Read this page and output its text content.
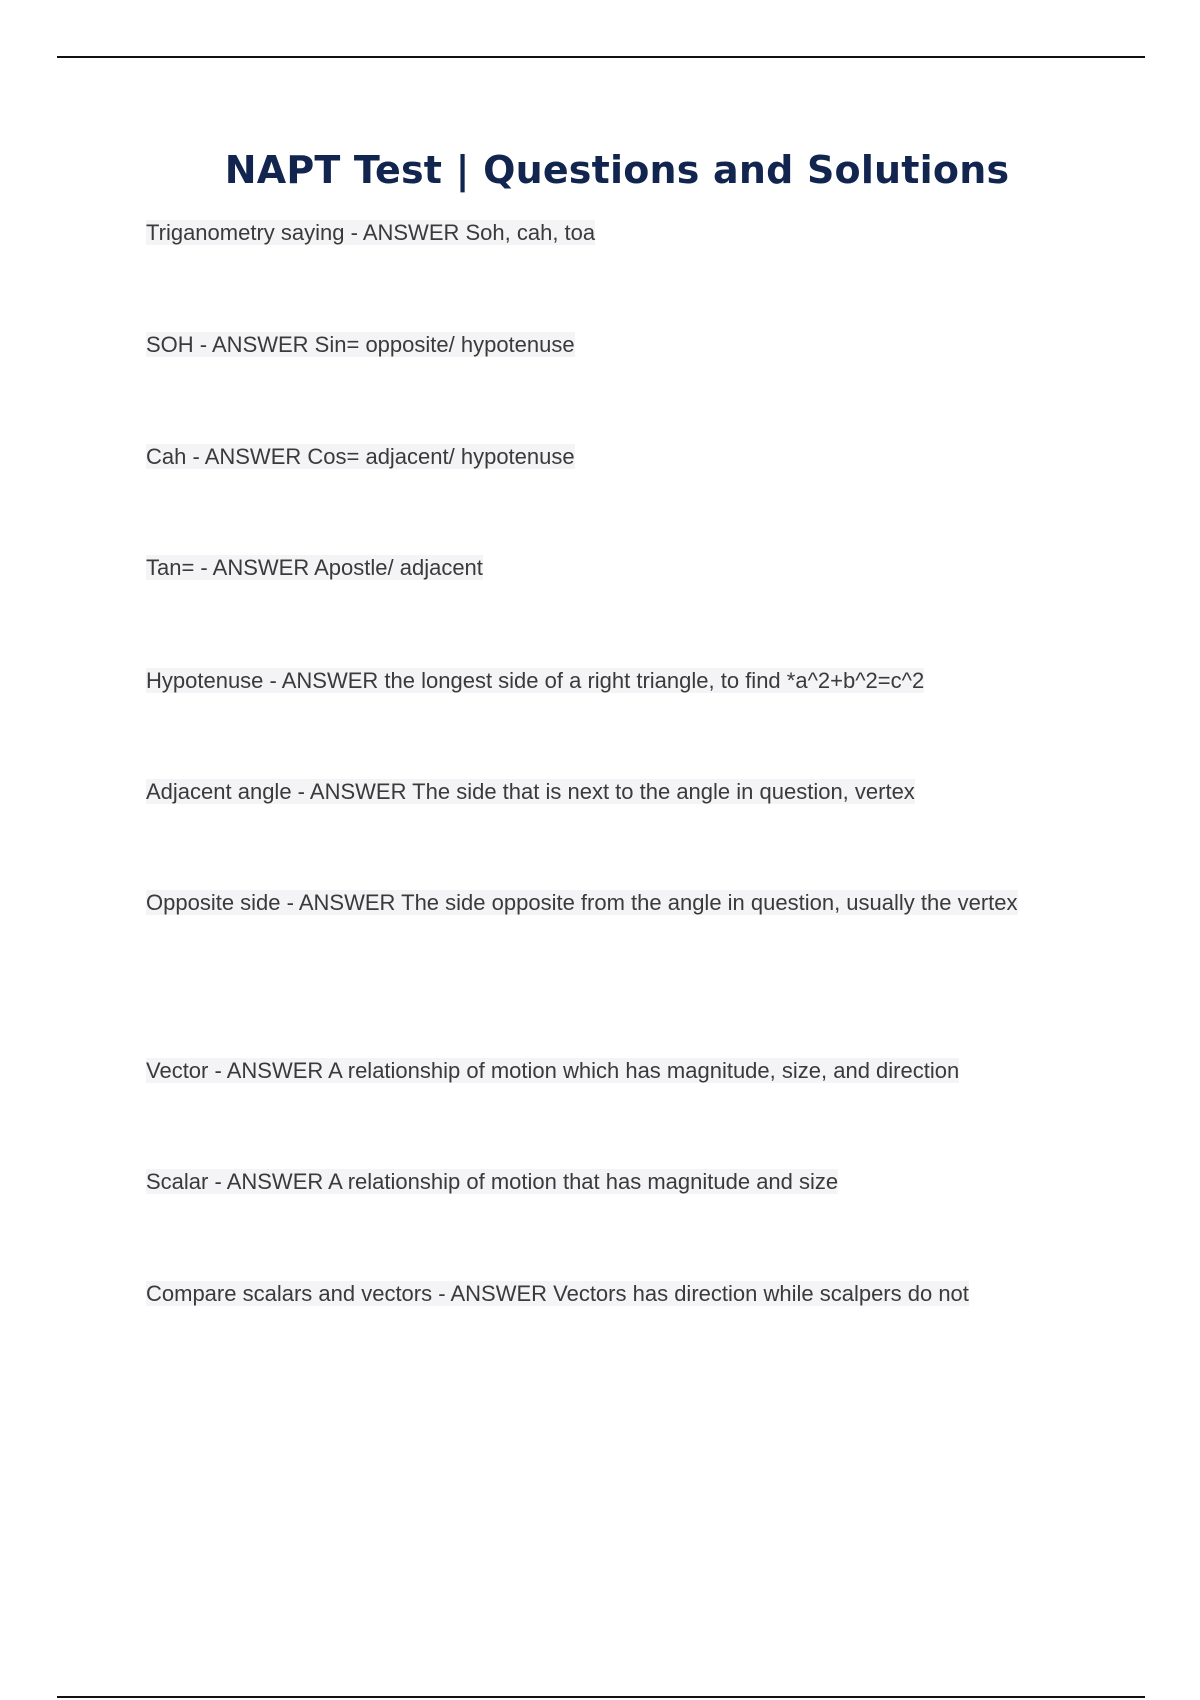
NAPT Test | Questions and Solutions

Triganometry saying - ANSWER Soh, cah, toa

SOH - ANSWER Sin= opposite/ hypotenuse

Cah - ANSWER Cos= adjacent/ hypotenuse

Tan= - ANSWER Apostle/ adjacent

Hypotenuse - ANSWER the longest side of a right triangle, to find *a^2+b^2=c^2

Adjacent angle - ANSWER The side that is next to the angle in question, vertex

Opposite side - ANSWER The side opposite from the angle in question, usually the vertex

Vector - ANSWER A relationship of motion which has magnitude, size, and direction

Scalar - ANSWER A relationship of motion that has magnitude and size

Compare scalars and vectors - ANSWER Vectors has direction while scalpers do not
